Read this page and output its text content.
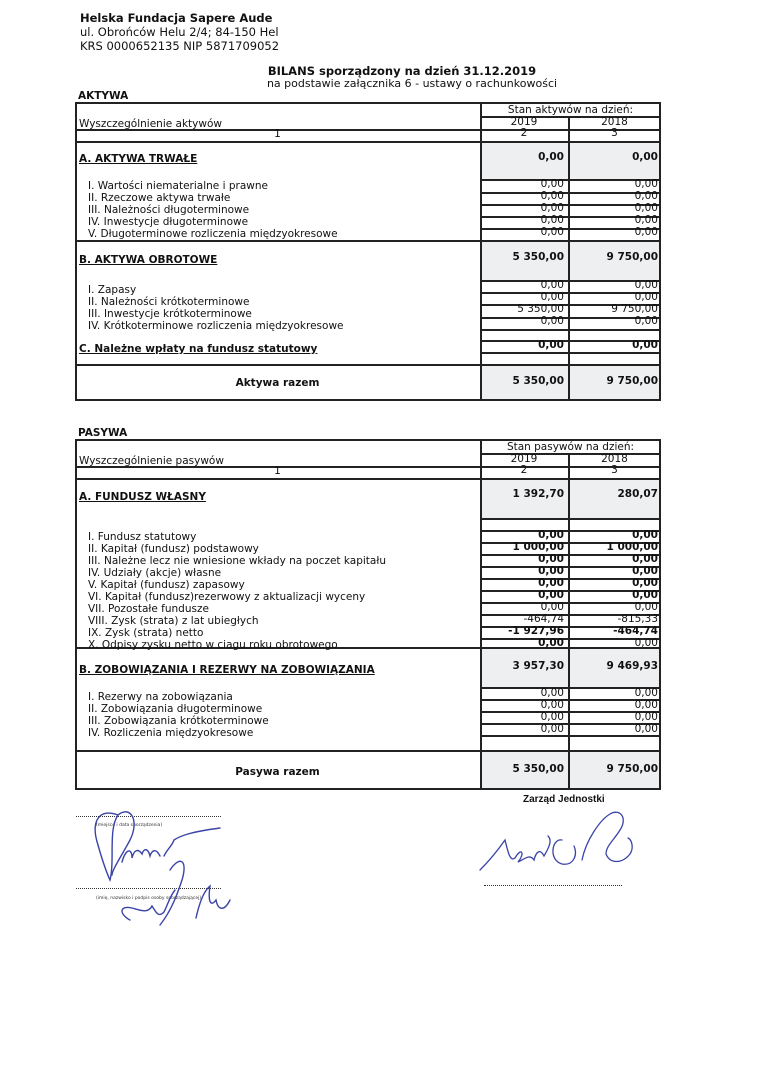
Helska Fundacja Sapere Aude
ul. Obrońców Helu 2/4; 84-150 Hel
KRS 0000652135 NIP 5871709052
BILANS sporządzony na dzień 31.12.2019
na podstawie załącznika 6 - ustawy o rachunkowości
AKTYWA
Stan aktywów na dzień:
Wyszczególnienie aktywów	2019	2018
1	2	3
A. AKTYWA TRWAŁE	0,00	0,00
I. Wartości niematerialne i prawne	0,00	0,00
II. Rzeczowe aktywa trwałe	0,00	0,00
III. Należności długoterminowe	0,00	0,00
IV. Inwestycje długoterminowe	0,00	0,00
V. Długoterminowe rozliczenia międzyokresowe	0,00	0,00
B. AKTYWA OBROTOWE	5 350,00	9 750,00
I. Zapasy	0,00	0,00
II. Należności krótkoterminowe	0,00	0,00
III. Inwestycje krótkoterminowe	5 350,00	9 750,00
IV. Krótkoterminowe rozliczenia międzyokresowe	0,00	0,00
C. Należne wpłaty na fundusz statutowy	0,00	0,00
Aktywa razem	5 350,00	9 750,00
PASYWA
Stan pasywów na dzień:
Wyszczególnienie pasywów	2019	2018
1	2	3
A. FUNDUSZ WŁASNY	1 392,70	280,07
I. Fundusz statutowy	0,00	0,00
II. Kapitał (fundusz) podstawowy	1 000,00	1 000,00
III. Należne lecz nie wniesione wkłady na poczet kapitału	0,00	0,00
IV. Udziały (akcje) własne	0,00	0,00
V. Kapitał (fundusz) zapasowy	0,00	0,00
VI. Kapitał (fundusz)rezerwowy z aktualizacji wyceny	0,00	0,00
VII. Pozostałe fundusze	0,00	0,00
VIII. Zysk (strata) z lat ubiegłych	-464,74	-815,33
IX. Zysk (strata) netto	-1 927,96	-464,74
X. Odpisy zysku netto w ciagu roku obrotowego	0,00	0,00
B. ZOBOWIĄZANIA I REZERWY NA ZOBOWIĄZANIA	3 957,30	9 469,93
I. Rezerwy na zobowiązania	0,00	0,00
II. Zobowiązania długoterminowe	0,00	0,00
III. Zobowiązania krótkoterminowe	0,00	0,00
IV. Rozliczenia międzyokresowe	0,00	0,00
Pasywa razem	5 350,00	9 750,00
Zarząd Jednostki
(miejsce i data sporządzenia)
(imię, nazwisko i podpis osoby sporządzającej)
